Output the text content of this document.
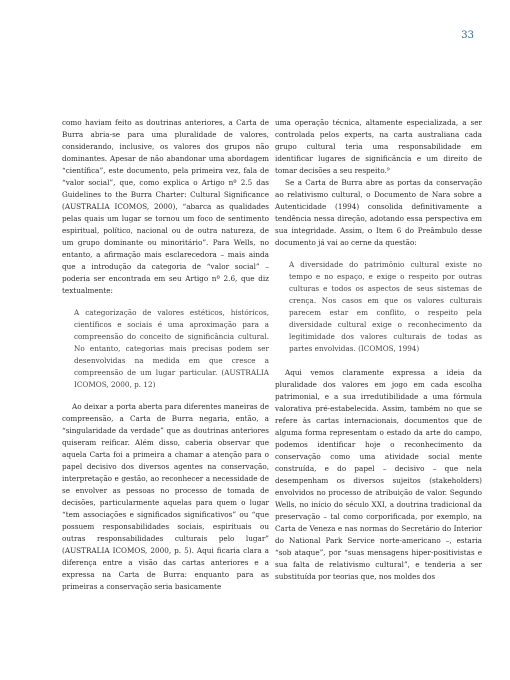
33

como haviam feito as doutrinas anteriores, a Carta de Burra abria-se para uma pluralidade de valores, considerando, inclusive, os valores dos grupos não dominantes. Apesar de não abandonar uma abordagem “científica”, este documento, pela primeira vez, fala de “valor social”, que, como explica o Artigo nº 2.5 das Guidelines to the Burra Charter: Cultural Significance (AUSTRALIA ICOMOS, 2000), “abarca as qualidades pelas quais um lugar se tornou um foco de sentimento espiritual, político, nacional ou de outra natureza, de um grupo dominante ou minoritário”. Para Wells, no entanto, a afirmação mais esclarecedora – mais ainda que a introdução da categoria de “valor social” – poderia ser encontrada em seu Artigo nº 2.6, que diz textualmente:

A categorização de valores estéticos, históricos, científicos e sociais é uma aproximação para a compreensão do conceito de significância cultural. No entanto, categorias mais precisas podem ser desenvolvidas na medida em que cresce a compreensão de um lugar particular. (AUSTRALIA ICOMOS, 2000, p. 12)

Ao deixar a porta aberta para diferentes maneiras de compreensão, a Carta de Burra negaria, então, a “singularidade da verdade” que as doutrinas anteriores quiseram reificar. Além disso, caberia observar que aquela Carta foi a primeira a chamar a atenção para o papel decisivo dos diversos agentes na conservação, interpretação e gestão, ao reconhecer a necessidade de se envolver as pessoas no processo de tomada de decisões, particularmente aquelas para quem o lugar “tem associações e significados significativos” ou “que possuem responsabilidades sociais, espirituais ou outras responsabilidades culturais pelo lugar” (AUSTRALIA ICOMOS, 2000, p. 5). Aqui ficaria clara a diferença entre a visão das cartas anteriores e a expressa na Carta de Burra: enquanto para as primeiras a conservação seria basicamente

uma operação técnica, altamente especializada, a ser controlada pelos experts, na carta australiana cada grupo cultural teria uma responsabilidade em identificar lugares de significância e um direito de tomar decisões a seu respeito.⁹

Se a Carta de Burra abre as portas da conservação ao relativismo cultural, o Documento de Nara sobre a Autenticidade (1994) consolida definitivamente a tendência nessa direção, adotando essa perspectiva em sua integridade. Assim, o Item 6 do Preâmbulo desse documento já vai ao cerne da questão:

A diversidade do patrimônio cultural existe no tempo e no espaço, e exige o respeito por outras culturas e todos os aspectos de seus sistemas de crença. Nos casos em que os valores culturais parecem estar em conflito, o respeito pela diversidade cultural exige o reconhecimento da legitimidade dos valores culturais de todas as partes envolvidas. (ICOMOS, 1994)

Aqui vemos claramente expressa a ideia da pluralidade dos valores em jogo em cada escolha patrimonial, e a sua irredutibilidade a uma fórmula valorativa pré-estabelecida. Assim, também no que se refere às cartas internacionais, documentos que de alguma forma representam o estado da arte do campo, podemos identificar hoje o reconhecimento da conservação como uma atividade social mente construída, e do papel – decisivo – que nela desempenham os diversos sujeitos (stakeholders) envolvidos no processo de atribuição de valor. Segundo Wells, no início do século XXI, a doutrina tradicional da preservação – tal como corporificada, por exemplo, na Carta de Veneza e nas normas do Secretário do Interior do National Park Service norte-americano –, estaria “sob ataque”, por “suas mensagens hiper-positivistas e sua falta de relativismo cultural”, e tenderia a ser substituída por teorias que, nos moldes dos
